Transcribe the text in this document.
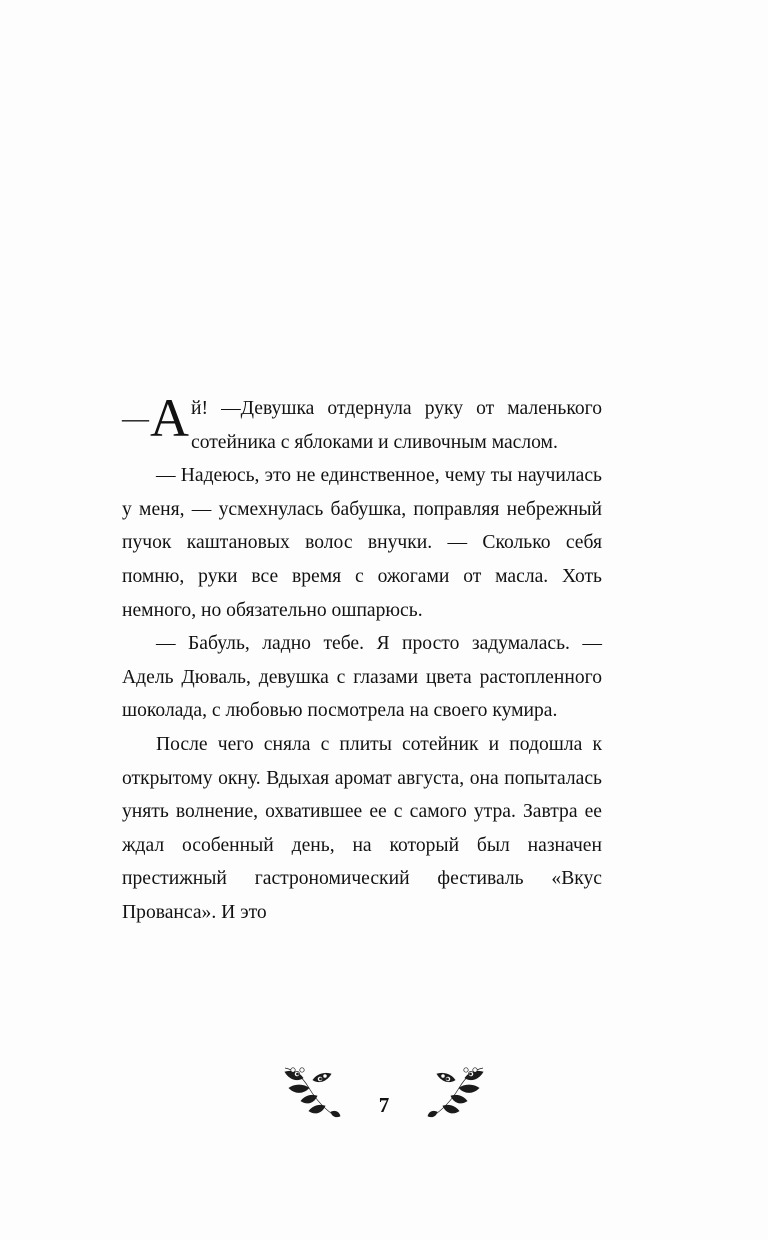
— А й! —Девушка отдернула руку от маленького сотейника с яблоками и сливочным маслом.

— Надеюсь, это не единственное, чему ты научилась у меня, — усмехнулась бабушка, поправляя небрежный пучок каштановых волос внучки. — Сколько себя помню, руки все время с ожогами от масла. Хоть немного, но обязательно ошпарюсь.

— Бабуль, ладно тебе. Я просто задумалась. — Адель Дюваль, девушка с глазами цвета растопленного шоколада, с любовью посмотрела на своего кумира.

После чего сняла с плиты сотейник и подошла к открытому окну. Вдыхая аромат августа, она попыталась унять волнение, охватившее ее с самого утра. Завтра ее ждал особенный день, на который был назначен престижный гастрономический фестиваль «Вкус Прованса». И это

7
